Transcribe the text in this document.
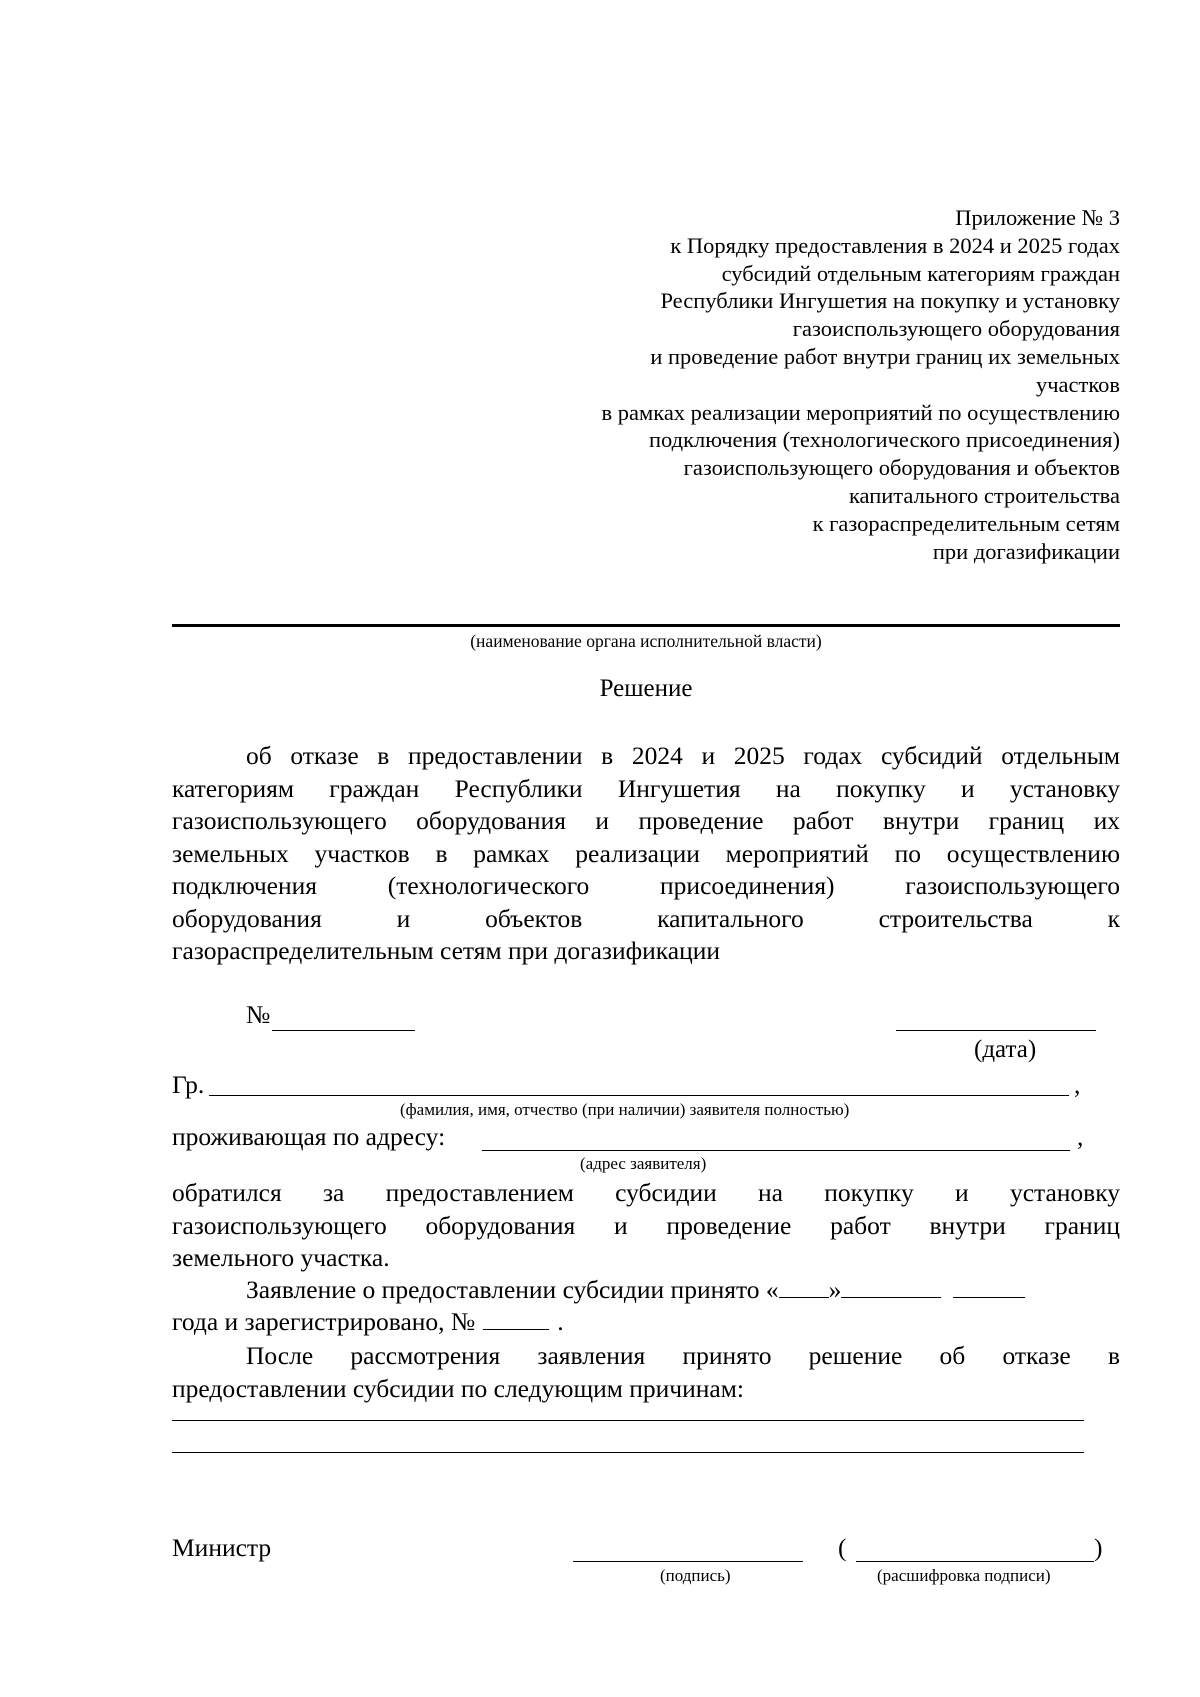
Приложение № 3
к Порядку предоставления в 2024 и 2025 годах
субсидий отдельным категориям граждан
Республики Ингушетия на покупку и установку
газоиспользующего оборудования
и проведение работ внутри границ их земельных
участков
в рамках реализации мероприятий по осуществлению
подключения (технологического присоединения)
газоиспользующего оборудования и объектов
капитального строительства
к газораспределительным сетям
при догазификации
(наименование органа исполнительной власти)
Решение
об отказе в предоставлении в 2024 и 2025 годах субсидий отдельным
категориям граждан Республики Ингушетия на покупку и установку
газоиспользующего оборудования и проведение работ внутри границ их
земельных участков в рамках реализации мероприятий по осуществлению
подключения (технологического присоединения) газоиспользующего
оборудования и объектов капитального строительства к
газораспределительным сетям при догазификации
№
(дата)
Гр.	,
(фамилия, имя, отчество (при наличии) заявителя полностью)
проживающая по адресу:	,
(адрес заявителя)
обратился за предоставлением субсидии на покупку и установку
газоиспользующего оборудования и проведение работ внутри границ
земельного участка.
Заявление о предоставлении субсидии принято « »
года и зарегистрировано, №	.
После рассмотрения заявления принято решение об отказе в
предоставлении субсидии по следующим причинам:
Министр
(подпись)
(	)
(расшифровка подписи)
